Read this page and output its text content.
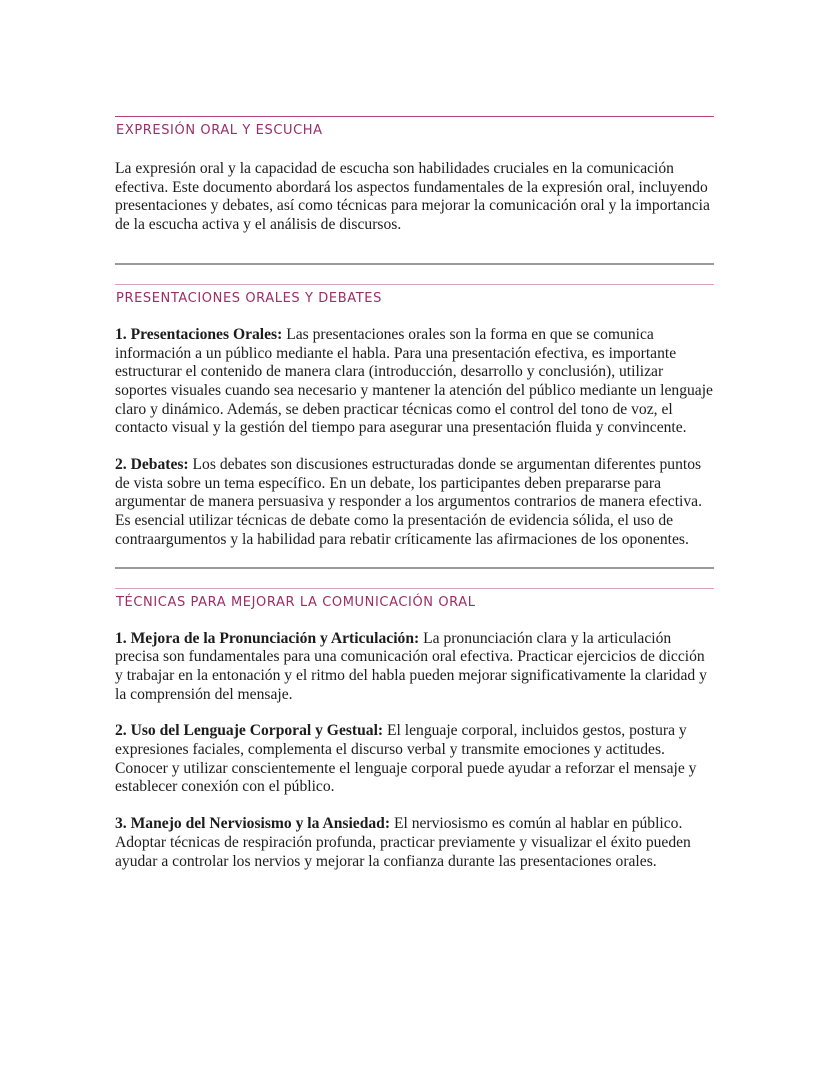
EXPRESIÓN ORAL Y ESCUCHA

La expresión oral y la capacidad de escucha son habilidades cruciales en la comunicación efectiva. Este documento abordará los aspectos fundamentales de la expresión oral, incluyendo presentaciones y debates, así como técnicas para mejorar la comunicación oral y la importancia de la escucha activa y el análisis de discursos.

PRESENTACIONES ORALES Y DEBATES

1. Presentaciones Orales: Las presentaciones orales son la forma en que se comunica información a un público mediante el habla. Para una presentación efectiva, es importante estructurar el contenido de manera clara (introducción, desarrollo y conclusión), utilizar soportes visuales cuando sea necesario y mantener la atención del público mediante un lenguaje claro y dinámico. Además, se deben practicar técnicas como el control del tono de voz, el contacto visual y la gestión del tiempo para asegurar una presentación fluida y convincente.

2. Debates: Los debates son discusiones estructuradas donde se argumentan diferentes puntos de vista sobre un tema específico. En un debate, los participantes deben prepararse para argumentar de manera persuasiva y responder a los argumentos contrarios de manera efectiva. Es esencial utilizar técnicas de debate como la presentación de evidencia sólida, el uso de contraargumentos y la habilidad para rebatir críticamente las afirmaciones de los oponentes.

TÉCNICAS PARA MEJORAR LA COMUNICACIÓN ORAL

1. Mejora de la Pronunciación y Articulación: La pronunciación clara y la articulación precisa son fundamentales para una comunicación oral efectiva. Practicar ejercicios de dicción y trabajar en la entonación y el ritmo del habla pueden mejorar significativamente la claridad y la comprensión del mensaje.

2. Uso del Lenguaje Corporal y Gestual: El lenguaje corporal, incluidos gestos, postura y expresiones faciales, complementa el discurso verbal y transmite emociones y actitudes. Conocer y utilizar conscientemente el lenguaje corporal puede ayudar a reforzar el mensaje y establecer conexión con el público.

3. Manejo del Nerviosismo y la Ansiedad: El nerviosismo es común al hablar en público. Adoptar técnicas de respiración profunda, practicar previamente y visualizar el éxito pueden ayudar a controlar los nervios y mejorar la confianza durante las presentaciones orales.
